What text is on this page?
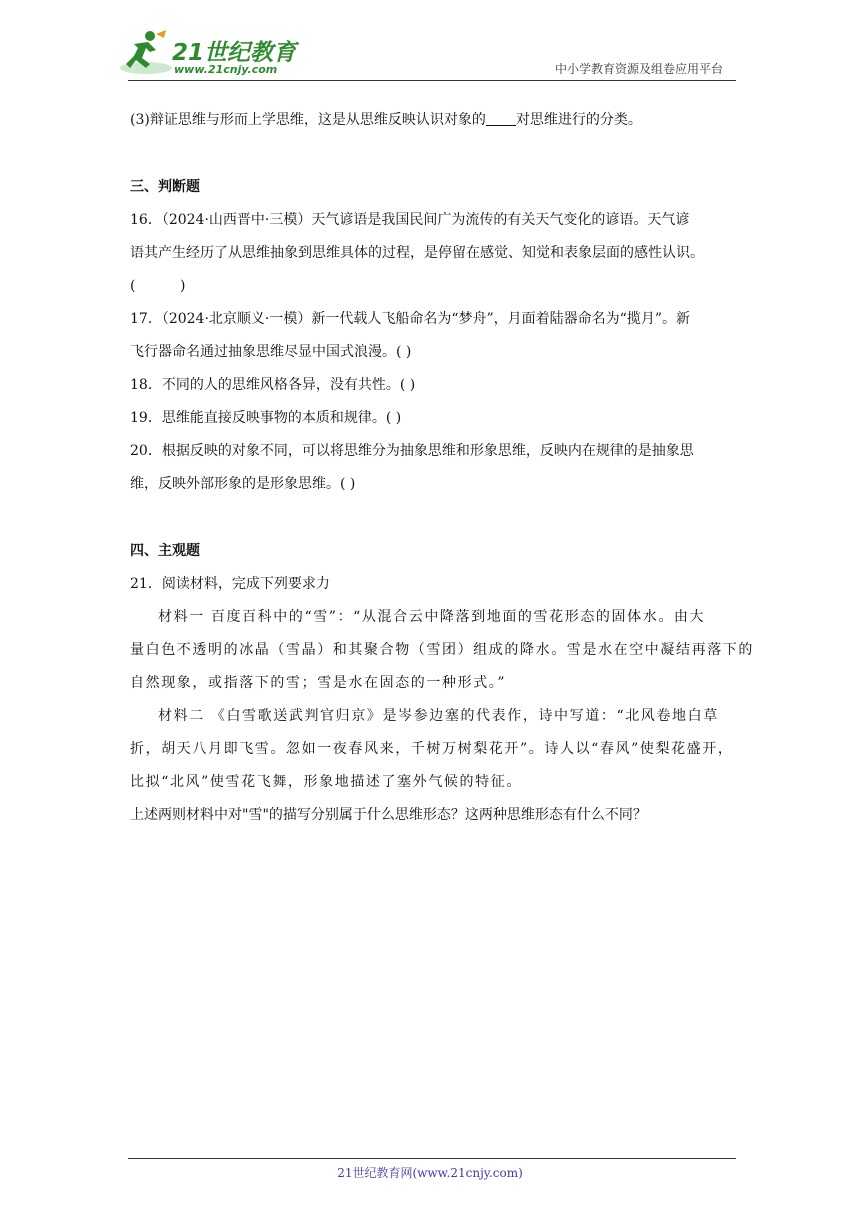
21世纪教育
www.21cnjy.com	中小学教育资源及组卷应用平台
(3)辩证思维与形而上学思维，这是从思维反映认识对象的 对思维进行的分类。
三、判断题
16．（2024·山西晋中·三模）天气谚语是我国民间广为流传的有关天气变化的谚语。天气谚
语其产生经历了从思维抽象到思维具体的过程，是停留在感觉、知觉和表象层面的感性认识。
(          )
17．（2024·北京顺义·一模）新一代载人飞船命名为“梦舟”，月面着陆器命名为“揽月”。新
飞行器命名通过抽象思维尽显中国式浪漫。( )
18．不同的人的思维风格各异，没有共性。( )
19．思维能直接反映事物的本质和规律。( )
20．根据反映的对象不同，可以将思维分为抽象思维和形象思维，反映内在规律的是抽象思
维，反映外部形象的是形象思维。( )
四、主观题
21．阅读材料，完成下列要求力
材料一 百度百科中的“雪”：“从混合云中降落到地面的雪花形态的固体水。由大
量白色不透明的冰晶（雪晶）和其聚合物（雪团）组成的降水。雪是水在空中凝结再落下的
自然现象，或指落下的雪；雪是水在固态的一种形式。”
材料二 《白雪歌送武判官归京》是岑参边塞的代表作，诗中写道：“北风卷地白草
折，胡天八月即飞雪。忽如一夜春风来，千树万树梨花开”。诗人以“春风”使梨花盛开，
比拟“北风”使雪花飞舞，形象地描述了塞外气候的特征。
上述两则材料中对"雪"的描写分别属于什么思维形态？这两种思维形态有什么不同？
21世纪教育网(www.21cnjy.com)
